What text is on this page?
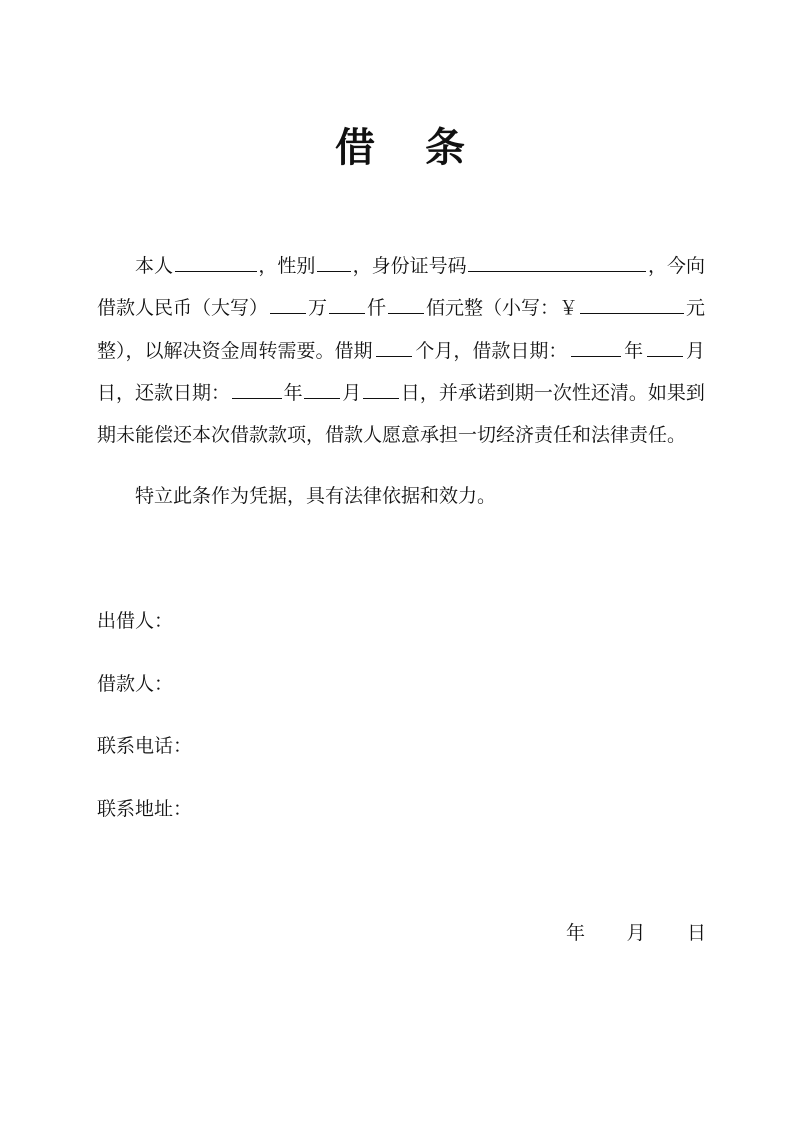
借 条
本人	，性别 ，身份证号码	，今向
借款人民币（大写） 万 仟 佰元整（小写：￥	元
整），以解决资金周转需要。借期 个月，借款日期：	年 月
日，还款日期：	年 月 日，并承诺到期一次性还清。如果到
期未能偿还本次借款款项，借款人愿意承担一切经济责任和法律责任。
特立此条作为凭据，具有法律依据和效力。
出借人：
借款人：
联系电话：
联系地址：
年 月 日
